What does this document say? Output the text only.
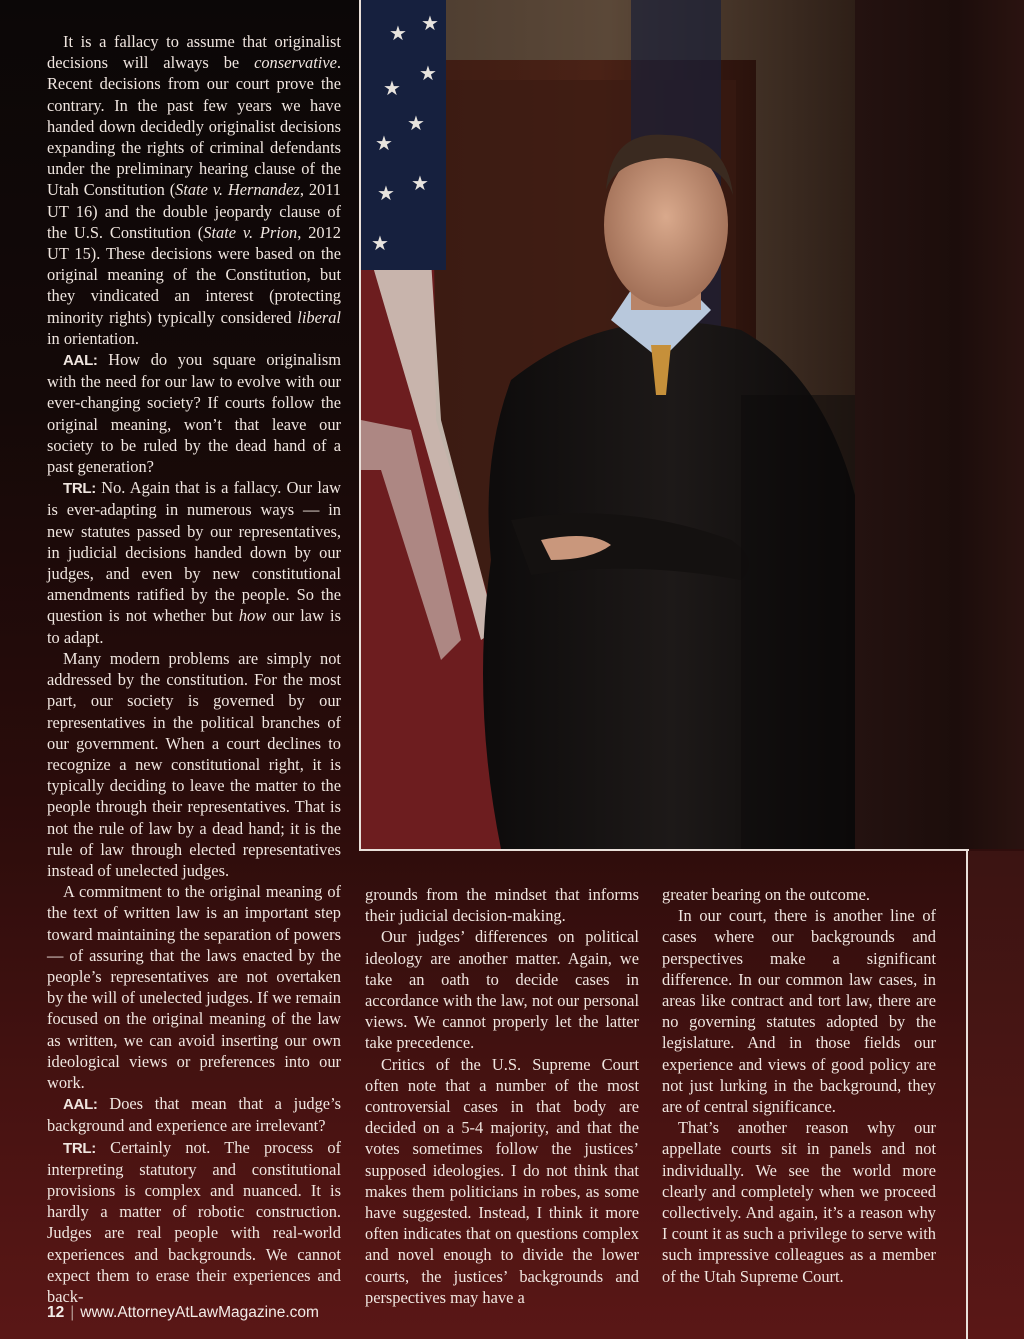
★
★
★
★
★
★
★
★
★

It is a fallacy to assume that originalist decisions will always be conservative. Recent decisions from our court prove the contrary. In the past few years we have handed down decidedly originalist decisions expanding the rights of criminal defendants under the preliminary hearing clause of the Utah Constitution (State v. Hernandez, 2011 UT 16) and the double jeopardy clause of the U.S. Constitution (State v. Prion, 2012 UT 15). These decisions were based on the original meaning of the Constitution, but they vindicated an interest (protecting minority rights) typically considered liberal in orientation.

AAL: How do you square originalism with the need for our law to evolve with our ever-changing society? If courts follow the original meaning, won’t that leave our society to be ruled by the dead hand of a past generation?

TRL: No. Again that is a fallacy. Our law is ever-adapting in numerous ways — in new statutes passed by our representatives, in judicial decisions handed down by our judges, and even by new constitutional amendments ratified by the people. So the question is not whether but how our law is to adapt.

Many modern problems are simply not addressed by the constitution. For the most part, our society is governed by our representatives in the political branches of our government. When a court declines to recognize a new constitutional right, it is typically deciding to leave the matter to the people through their representatives. That is not the rule of law by a dead hand; it is the rule of law through elected representatives instead of unelected judges.

A commitment to the original meaning of the text of written law is an important step toward maintaining the separation of powers — of assuring that the laws enacted by the people’s representatives are not overtaken by the will of unelected judges. If we remain focused on the original meaning of the law as written, we can avoid inserting our own ideological views or preferences into our work.

AAL: Does that mean that a judge’s background and experience are irrelevant?

TRL: Certainly not. The process of interpreting statutory and constitutional provisions is complex and nuanced. It is hardly a matter of robotic construction. Judges are real people with real-world experiences and backgrounds. We cannot expect them to erase their experiences and back-

grounds from the mindset that informs their judicial decision-making.

Our judges’ differences on political ideology are another matter. Again, we take an oath to decide cases in accordance with the law, not our personal views. We cannot properly let the latter take precedence.

Critics of the U.S. Supreme Court often note that a number of the most controversial cases in that body are decided on a 5-4 majority, and that the votes sometimes follow the justices’ supposed ideologies. I do not think that makes them politicians in robes, as some have suggested. Instead, I think it more often indicates that on questions complex and novel enough to divide the lower courts, the justices’ backgrounds and perspectives may have a

greater bearing on the outcome.

In our court, there is another line of cases where our backgrounds and perspectives make a significant difference. In our common law cases, in areas like contract and tort law, there are no governing statutes adopted by the legislature. And in those fields our experience and views of good policy are not just lurking in the background, they are of central significance.

That’s another reason why our appellate courts sit in panels and not individually. We see the world more clearly and completely when we proceed collectively. And again, it’s a reason why I count it as such a privilege to serve with such impressive colleagues as a member of the Utah Supreme Court.

12 | www.AttorneyAtLawMagazine.com
